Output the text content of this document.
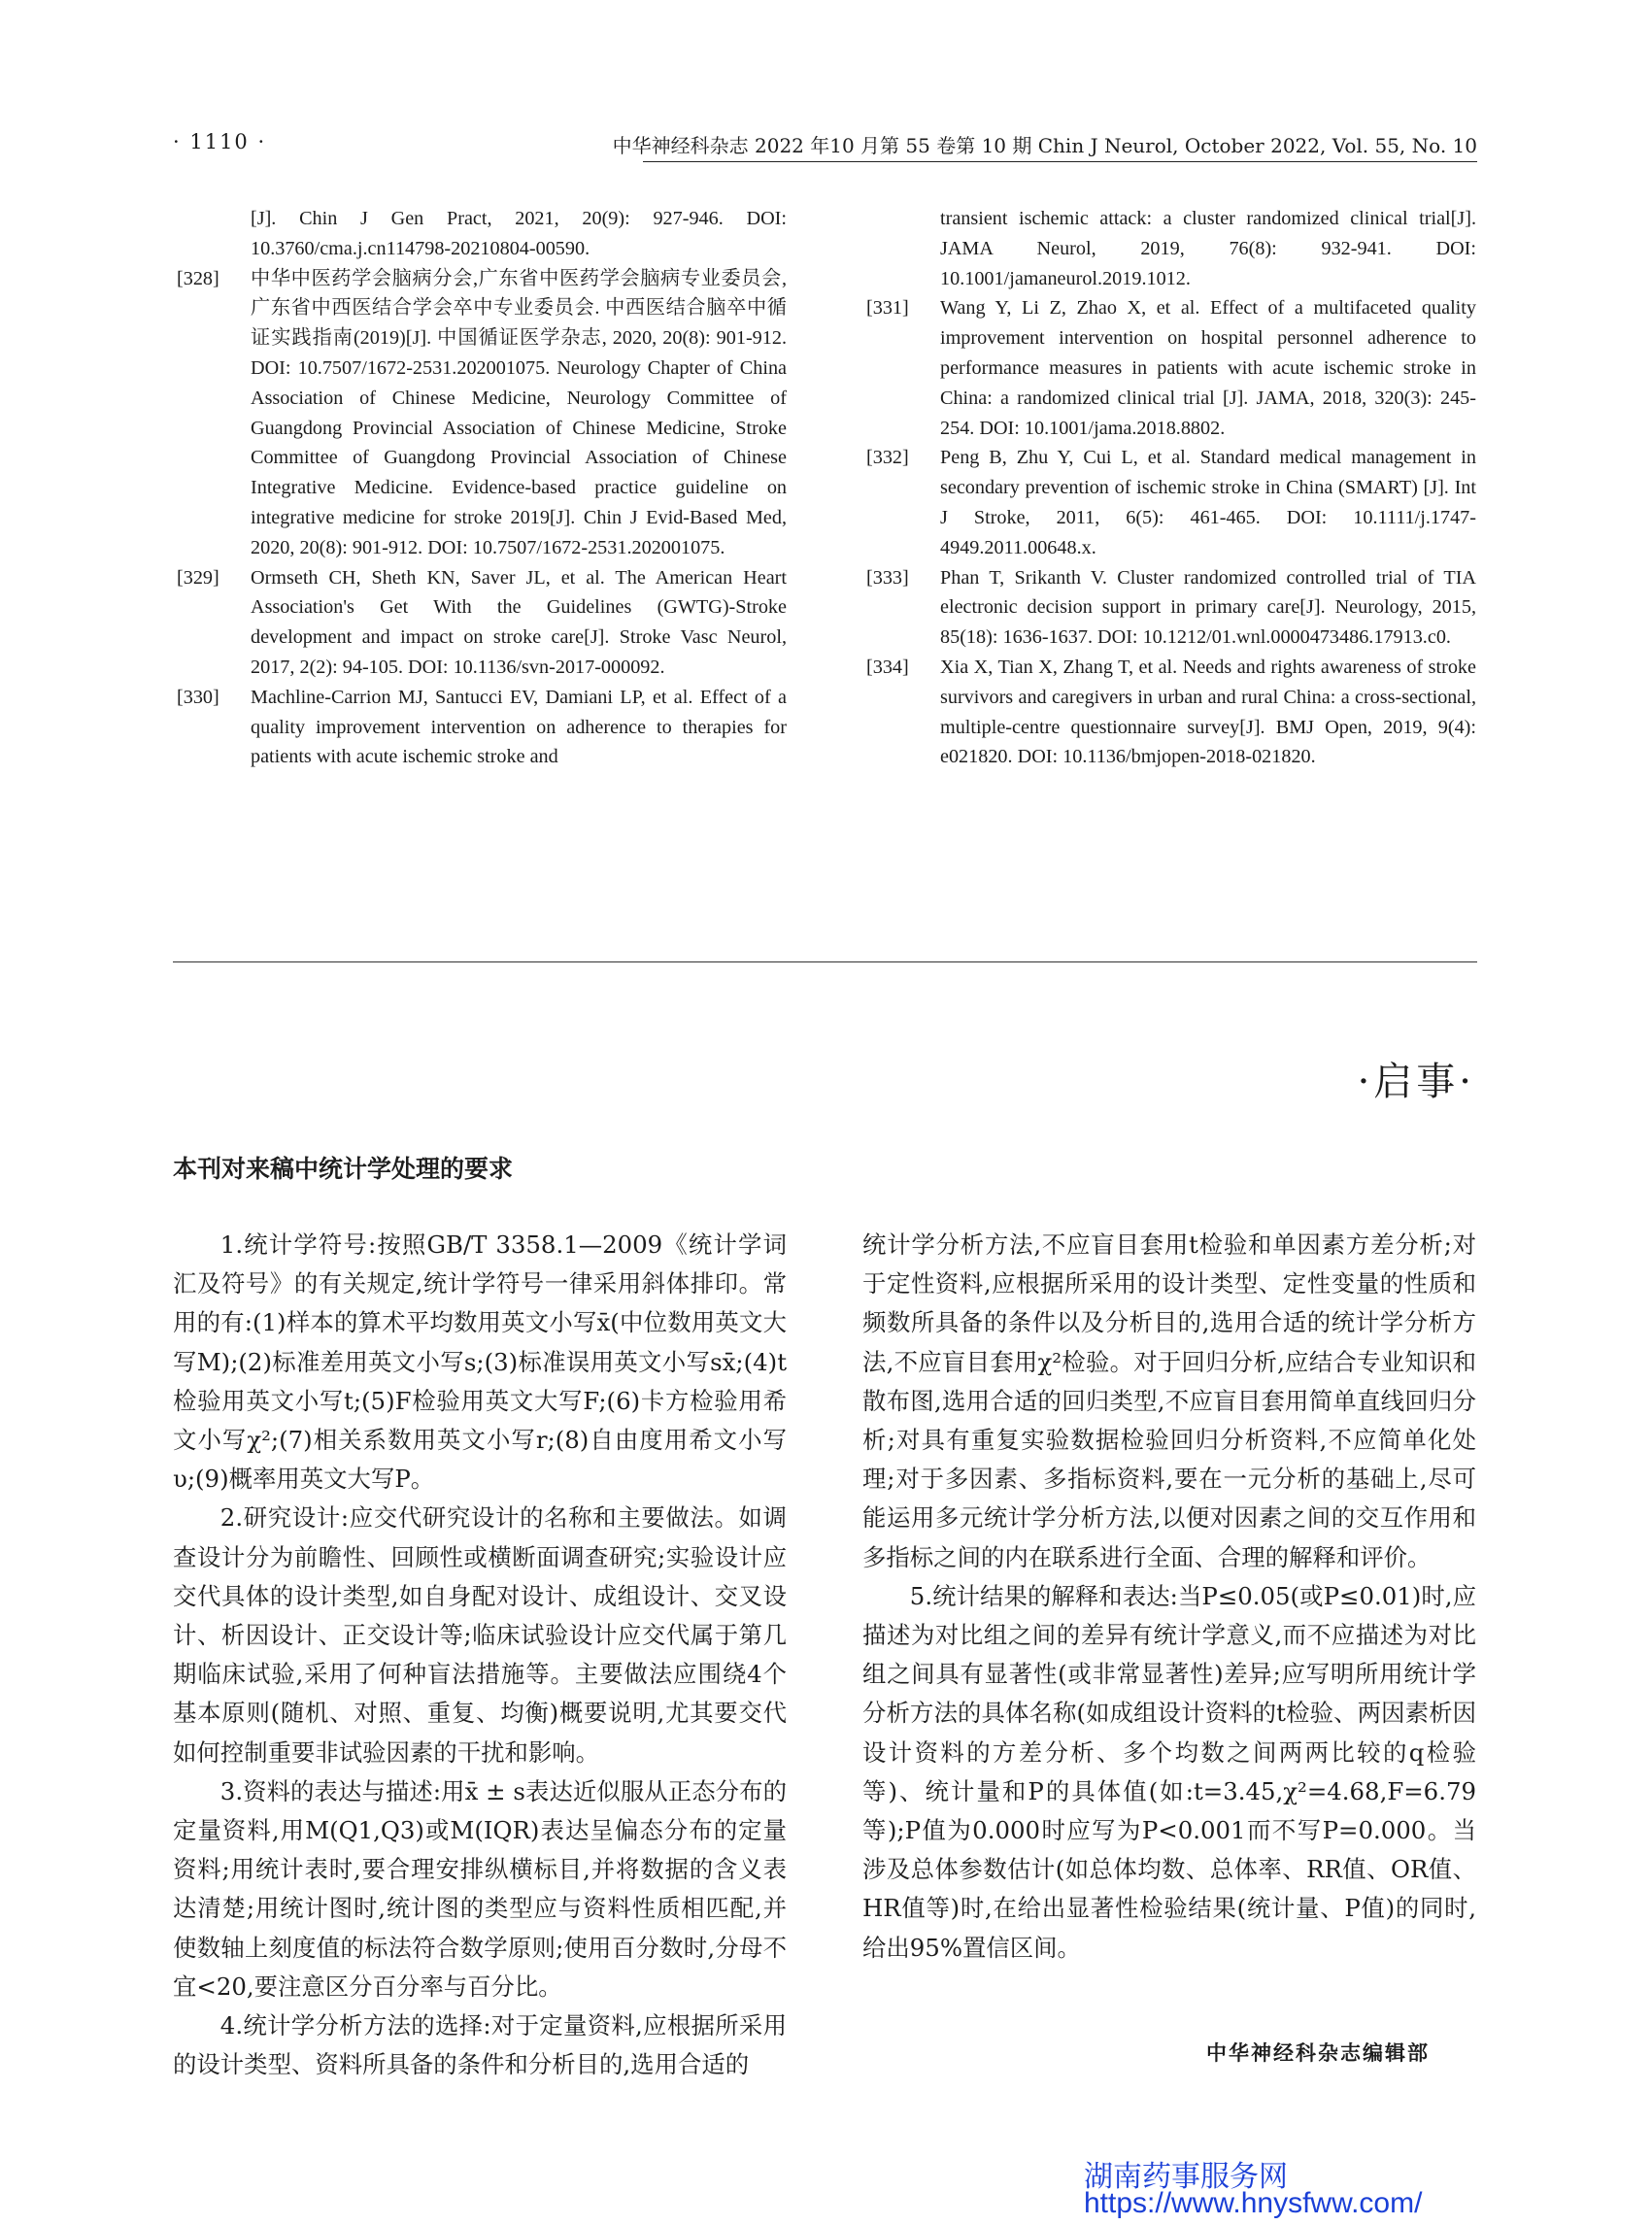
· 1110 ·	中华神经科杂志 2022 年10 月第 55 卷第 10 期 Chin J Neurol, October 2022, Vol. 55, No. 10
[J]. Chin J Gen Pract, 2021, 20(9): 927-946. DOI: 10.3760/cma.j.cn114798-20210804-00590.
[328] 中华中医药学会脑病分会,广东省中医药学会脑病专业委员会,广东省中西医结合学会卒中专业委员会. 中西医结合脑卒中循证实践指南(2019)[J]. 中国循证医学杂志, 2020, 20(8): 901-912. DOI: 10.7507/1672-2531.202001075. Neurology Chapter of China Association of Chinese Medicine, Neurology Committee of Guangdong Provincial Association of Chinese Medicine, Stroke Committee of Guangdong Provincial Association of Chinese Integrative Medicine. Evidence-based practice guideline on integrative medicine for stroke 2019[J]. Chin J Evid-Based Med, 2020, 20(8): 901-912. DOI: 10.7507/1672-2531.202001075.
[329] Ormseth CH, Sheth KN, Saver JL, et al. The American Heart Association's Get With the Guidelines (GWTG)-Stroke development and impact on stroke care[J]. Stroke Vasc Neurol, 2017, 2(2): 94-105. DOI: 10.1136/svn-2017-000092.
[330] Machline-Carrion MJ, Santucci EV, Damiani LP, et al. Effect of a quality improvement intervention on adherence to therapies for patients with acute ischemic stroke and
transient ischemic attack: a cluster randomized clinical trial[J]. JAMA Neurol, 2019, 76(8): 932-941. DOI: 10.1001/jamaneurol.2019.1012.
[331] Wang Y, Li Z, Zhao X, et al. Effect of a multifaceted quality improvement intervention on hospital personnel adherence to performance measures in patients with acute ischemic stroke in China: a randomized clinical trial [J]. JAMA, 2018, 320(3): 245-254. DOI: 10.1001/jama.2018.8802.
[332] Peng B, Zhu Y, Cui L, et al. Standard medical management in secondary prevention of ischemic stroke in China (SMART) [J]. Int J Stroke, 2011, 6(5): 461-465. DOI: 10.1111/j.1747-4949.2011.00648.x.
[333] Phan T, Srikanth V. Cluster randomized controlled trial of TIA electronic decision support in primary care[J]. Neurology, 2015, 85(18): 1636-1637. DOI: 10.1212/01.wnl.0000473486.17913.c0.
[334] Xia X, Tian X, Zhang T, et al. Needs and rights awareness of stroke survivors and caregivers in urban and rural China: a cross-sectional, multiple-centre questionnaire survey[J]. BMJ Open, 2019, 9(4): e021820. DOI: 10.1136/bmjopen-2018-021820.
·启事·
本刊对来稿中统计学处理的要求

1.统计学符号:按照GB/T 3358.1—2009《统计学词汇及符号》的有关规定,统计学符号一律采用斜体排印。常用的有:(1)样本的算术平均数用英文小写x̄(中位数用英文大写M);(2)标准差用英文小写s;(3)标准误用英文小写sx̄;(4)t检验用英文小写t;(5)F检验用英文大写F;(6)卡方检验用希文小写χ²;(7)相关系数用英文小写r;(8)自由度用希文小写υ;(9)概率用英文大写P。

2.研究设计:应交代研究设计的名称和主要做法。如调查设计分为前瞻性、回顾性或横断面调查研究;实验设计应交代具体的设计类型,如自身配对设计、成组设计、交叉设计、析因设计、正交设计等;临床试验设计应交代属于第几期临床试验,采用了何种盲法措施等。主要做法应围绕4个基本原则(随机、对照、重复、均衡)概要说明,尤其要交代如何控制重要非试验因素的干扰和影响。

3.资料的表达与描述:用x̄ ± s表达近似服从正态分布的定量资料,用M(Q1,Q3)或M(IQR)表达呈偏态分布的定量资料;用统计表时,要合理安排纵横标目,并将数据的含义表达清楚;用统计图时,统计图的类型应与资料性质相匹配,并使数轴上刻度值的标法符合数学原则;使用百分数时,分母不宜<20,要注意区分百分率与百分比。

4.统计学分析方法的选择:对于定量资料,应根据所采用的设计类型、资料所具备的条件和分析目的,选用合适的

统计学分析方法,不应盲目套用t检验和单因素方差分析;对于定性资料,应根据所采用的设计类型、定性变量的性质和频数所具备的条件以及分析目的,选用合适的统计学分析方法,不应盲目套用χ²检验。对于回归分析,应结合专业知识和散布图,选用合适的回归类型,不应盲目套用简单直线回归分析;对具有重复实验数据检验回归分析资料,不应简单化处理;对于多因素、多指标资料,要在一元分析的基础上,尽可能运用多元统计学分析方法,以便对因素之间的交互作用和多指标之间的内在联系进行全面、合理的解释和评价。

5.统计结果的解释和表达:当P≤0.05(或P≤0.01)时,应描述为对比组之间的差异有统计学意义,而不应描述为对比组之间具有显著性(或非常显著性)差异;应写明所用统计学分析方法的具体名称(如成组设计资料的t检验、两因素析因设计资料的方差分析、多个均数之间两两比较的q检验等)、统计量和P的具体值(如:t=3.45,χ²=4.68,F=6.79等);P值为0.000时应写为P<0.001而不写P=0.000。当涉及总体参数估计(如总体均数、总体率、RR值、OR值、HR值等)时,在给出显著性检验结果(统计量、P值)的同时,给出95%置信区间。

中华神经科杂志编辑部
湖南药事服务网
https://www.hnysfww.com/
